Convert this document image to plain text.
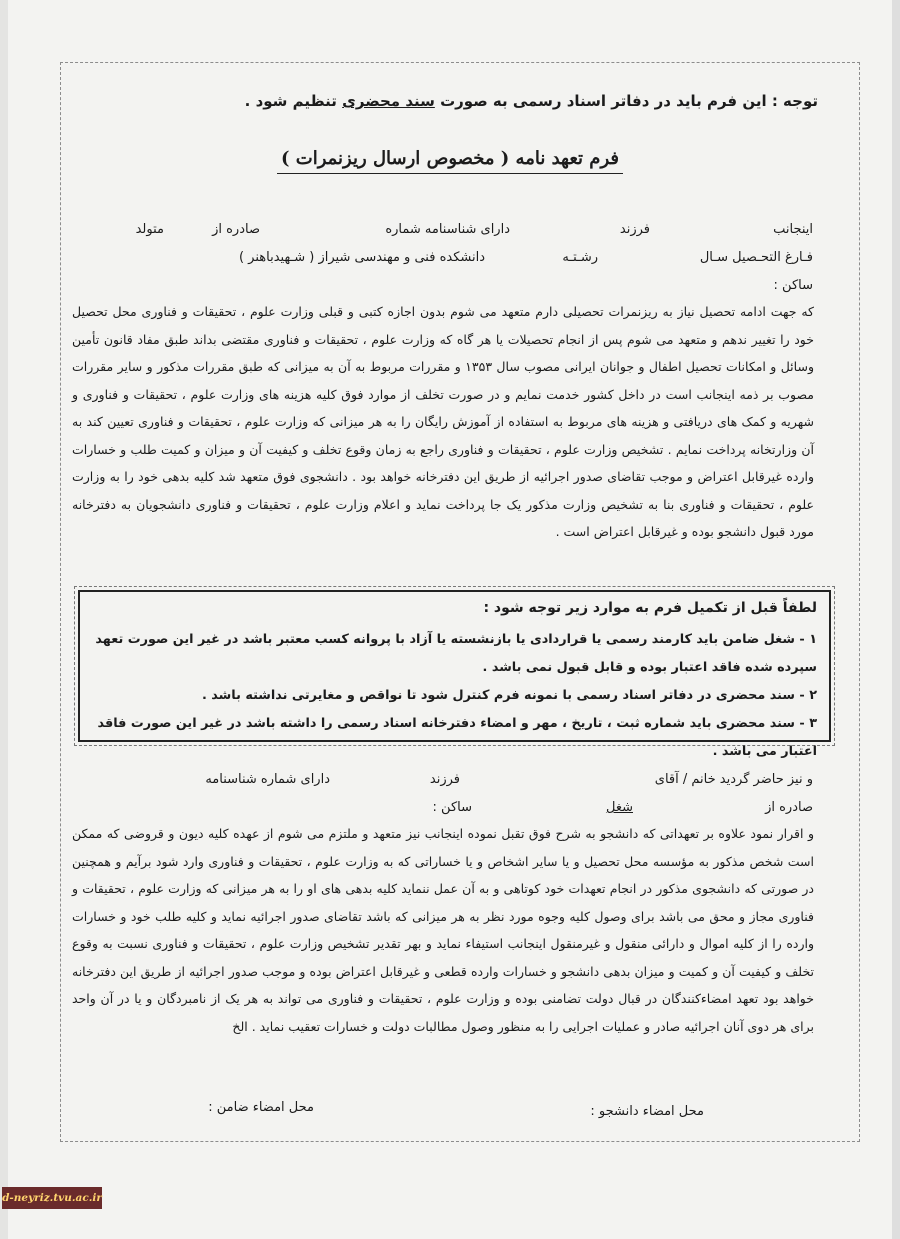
توجه : این فرم باید در دفاتر اسناد رسمی به صورت سند محضری تنظیم شود .
فرم تعهد نامه ( مخصوص ارسال ریزنمرات )
اینجانب
فرزند
دارای شناسنامه شماره
صادره از
متولد
فـارغ التحـصيل سـال
رشـتـه
دانشکده فنی و مهندسی شیراز ( شـهیدباهنر )
ساکن :

که جهت ادامه تحصیل نیاز به ریزنمرات تحصیلی دارم متعهد می شوم بدون اجازه کتبی و قبلی وزارت علوم ، تحقیقات و فناوری محل تحصیل خود را تغییر ندهم و متعهد می شوم پس از انجام تحصیلات یا هر گاه که وزارت علوم ، تحقیقات و فناوری مقتضی بداند طبق مفاد قانون تأمین وسائل و امکانات تحصیل اطفال و جوانان ایرانی مصوب سال ۱۳۵۳ و مقررات مربوط به آن به میزانی که طبق مقررات مذکور و سایر مقررات مصوب بر ذمه اینجانب است در داخل کشور خدمت نمایم و در صورت تخلف از موارد فوق کلیه هزینه های وزارت علوم ، تحقیقات و فناوری و شهریه و کمک های دریافتی و هزینه های مربوط به استفاده از آموزش رایگان را به هر میزانی که وزارت علوم ، تحقیقات و فناوری تعیین کند به آن وزارتخانه پرداخت نمایم . تشخیص وزارت علوم ، تحقیقات و فناوری راجع به زمان وقوع تخلف و کیفیت آن و میزان و کمیت طلب و خسارات وارده غیرقابل اعتراض و موجب تقاضای صدور اجرائیه از طریق این دفترخانه خواهد بود . دانشجوی فوق متعهد شد کلیه بدهی خود را به وزارت علوم ، تحقیقات و فناوری بنا به تشخیص وزارت مذکور یک جا پرداخت نماید و اعلام وزارت علوم ، تحقیقات و فناوری دانشجویان به دفترخانه مورد قبول دانشجو بوده و غیرقابل اعتراض است .

لطفاً قبل از تکمیل فرم به موارد زیر توجه شود :
۱ - شغل ضامن باید کارمند رسمی یا قراردادی یا بازنشسته یا آزاد با پروانه کسب معتبر باشد در غیر این صورت تعهد سپرده شده فاقد اعتبار بوده و قابل قبول نمی باشد .
۲ - سند محضری در دفاتر اسناد رسمی با نمونه فرم کنترل شود تا نواقص و مغایرتی نداشته باشد .
۳ - سند محضری باید شماره ثبت ، تاریخ ، مهر و امضاء دفترخانه اسناد رسمی را داشته باشد در غیر این صورت فاقد اعتبار می باشد .
و نیز حاضر گردید خانم / آقای
فرزند
دارای شماره شناسنامه
صادره از
شغل
ساکن :

و اقرار نمود علاوه بر تعهداتی که دانشجو به شرح فوق تقبل نموده اینجانب نیز متعهد و ملتزم می شوم از عهده کلیه دیون و قروضی که ممکن است شخص مذکور به مؤسسه محل تحصیل و یا سایر اشخاص و یا خساراتی که به وزارت علوم ، تحقیقات و فناوری وارد شود برآیم و همچنین در صورتی که دانشجوی مذکور در انجام تعهدات خود کوتاهی و به آن عمل ننماید کلیه بدهی های او را به هر میزانی که وزارت علوم ، تحقیقات و فناوری مجاز و محق می باشد برای وصول کلیه وجوه مورد نظر به هر میزانی که باشد تقاضای صدور اجرائیه نماید و کلیه طلب خود و خسارات وارده را از کلیه اموال و دارائی منقول و غیرمنقول اینجانب استیفاء نماید و بهر تقدیر تشخیص وزارت علوم ، تحقیقات و فناوری نسبت به وقوع تخلف و کیفیت آن و کمیت و میزان بدهی دانشجو و خسارات وارده قطعی و غیرقابل اعتراض بوده و موجب صدور اجرائیه از طریق این دفترخانه خواهد بود تعهد امضاءکنندگان در قبال دولت تضامنی بوده و وزارت علوم ، تحقیقات و فناوری می تواند به هر یک از نامبردگان و یا در آن واحد برای هر دوی آنان اجرائیه صادر و عملیات اجرایی را به منظور وصول مطالبات دولت و خسارات تعقیب نماید . الخ

محل امضاء دانشجو :
محل امضاء ضامن :
d-neyriz.tvu.ac.ir
